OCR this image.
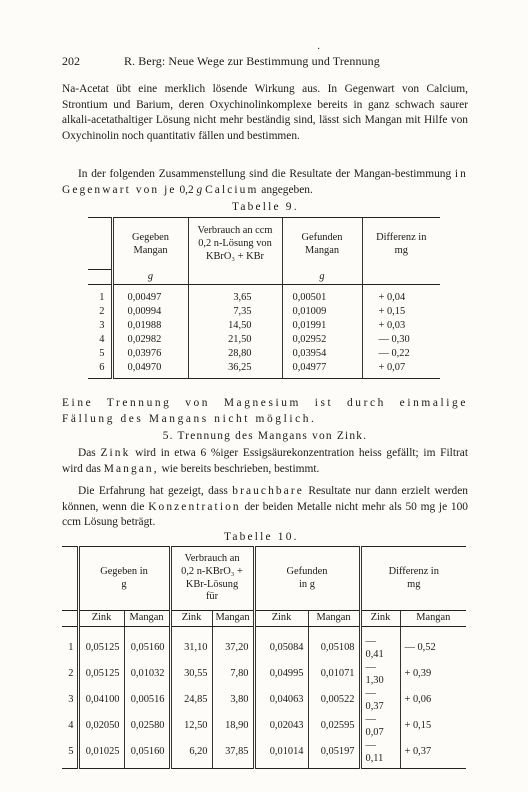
·
202	R. Berg: Neue Wege zur Bestimmung und Trennung

Na-Acetat übt eine merklich lösende Wirkung aus. In Gegenwart von Calcium, Strontium und Barium, deren Oxychinolinkomplexe bereits in ganz schwach saurer alkali-acetathaltiger Lösung nicht mehr beständig sind, lässt sich Mangan mit Hilfe von Oxychinolin noch quantitativ fällen und bestimmen.

In der folgenden Zusammenstellung sind die Resultate der Mangan-bestimmung in Gegenwart von je 0,2 g Calcium angegeben.

Tabelle 9.
	Gegeben Mangan	Verbrauch an ccm 0,2 n-Lösung von KBrO₃ + KBr	Gefunden Mangan	Differenz in mg
	g		g	

1	0,00497	3,65	0,00501	+ 0,04
2	0,00994	7,35	0,01009	+ 0,15
3	0,01988	14,50	0,01991	+ 0,03
4	0,02982	21,50	0,02952	— 0,30
5	0,03976	28,80	0,03954	— 0,22
6	0,04970	36,25	0,04977	+ 0,07

Eine Trennung von Magnesium ist durch einmalige Fällung des Mangans nicht möglich.

5. Trennung des Mangans von Zink.

Das Zink wird in etwa 6 %iger Essigsäurekonzentration heiss gefällt; im Filtrat wird das Mangan, wie bereits beschrieben, bestimmt.

Die Erfahrung hat gezeigt, dass brauchbare Resultate nur dann erzielt werden können, wenn die Konzentration der beiden Metalle nicht mehr als 50 mg je 100 ccm Lösung beträgt.

Tabelle 10.
	Gegeben in g		Verbrauch an 0,2 n-KBrO₃ + KBr-Lösung für		Gefunden in g		Differenz in mg	
	Zink	Mangan	Zink	Mangan	Zink	Mangan	Zink	Mangan

1	0,05125	0,05160	31,10	37,20	0,05084	0,05108	— 0,41	— 0,52
2	0,05125	0,01032	30,55	7,80	0,04995	0,01071	— 1,30	+ 0,39
3	0,04100	0,00516	24,85	3,80	0,04063	0,00522	— 0,37	+ 0,06
4	0,02050	0,02580	12,50	18,90	0,02043	0,02595	— 0,07	+ 0,15
5	0,01025	0,05160	6,20	37,85	0,01014	0,05197	— 0,11	+ 0,37
